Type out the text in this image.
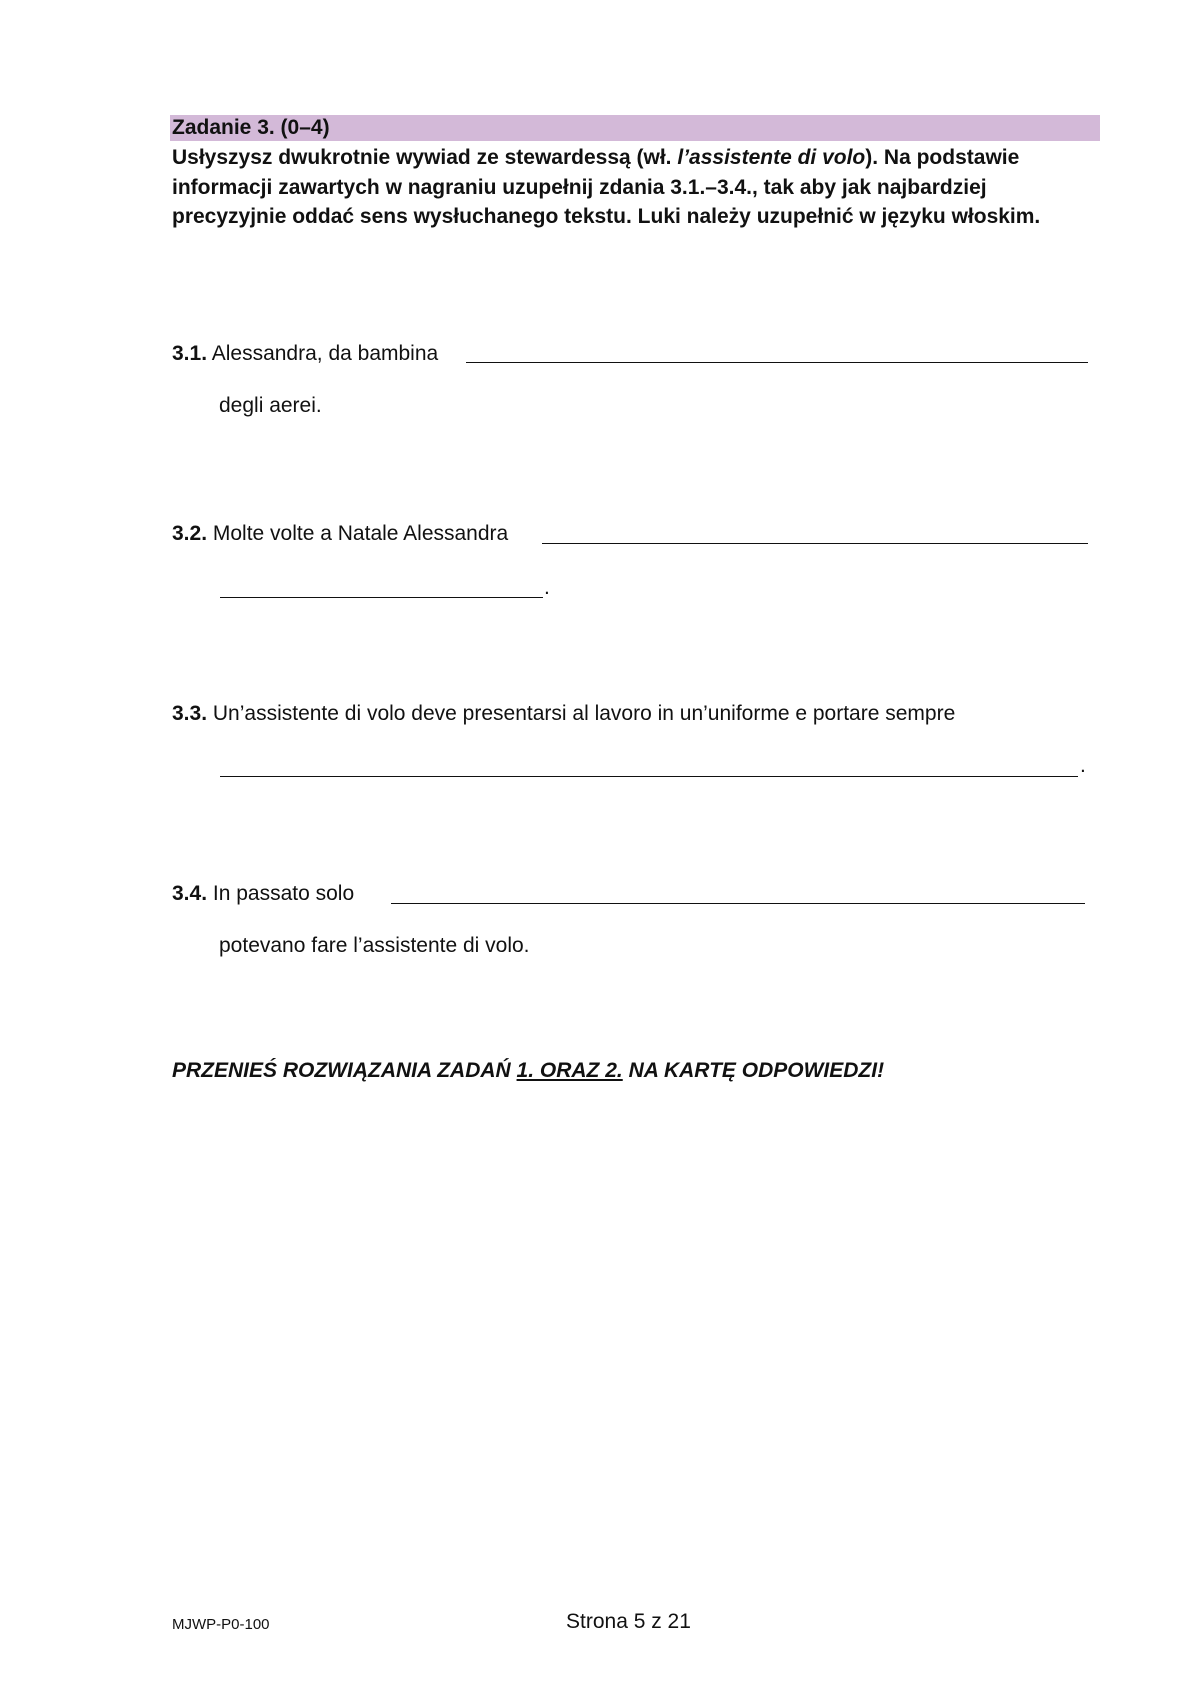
Zadanie 3. (0–4)
Usłyszysz dwukrotnie wywiad ze stewardessą (wł. l’assistente di volo). Na podstawie informacji zawartych w nagraniu uzupełnij zdania 3.1.–3.4., tak aby jak najbardziej precyzyjnie oddać sens wysłuchanego tekstu. Luki należy uzupełnić w języku włoskim.
3.1. Alessandra, da bambina
degli aerei.
3.2. Molte volte a Natale Alessandra
.
3.3. Un’assistente di volo deve presentarsi al lavoro in un’uniforme e portare sempre
.
3.4. In passato solo
potevano fare l’assistente di volo.
PRZENIEŚ ROZWIĄZANIA ZADAŃ 1. ORAZ 2. NA KARTĘ ODPOWIEDZI!
MJWP-P0-100	Strona 5 z 21
